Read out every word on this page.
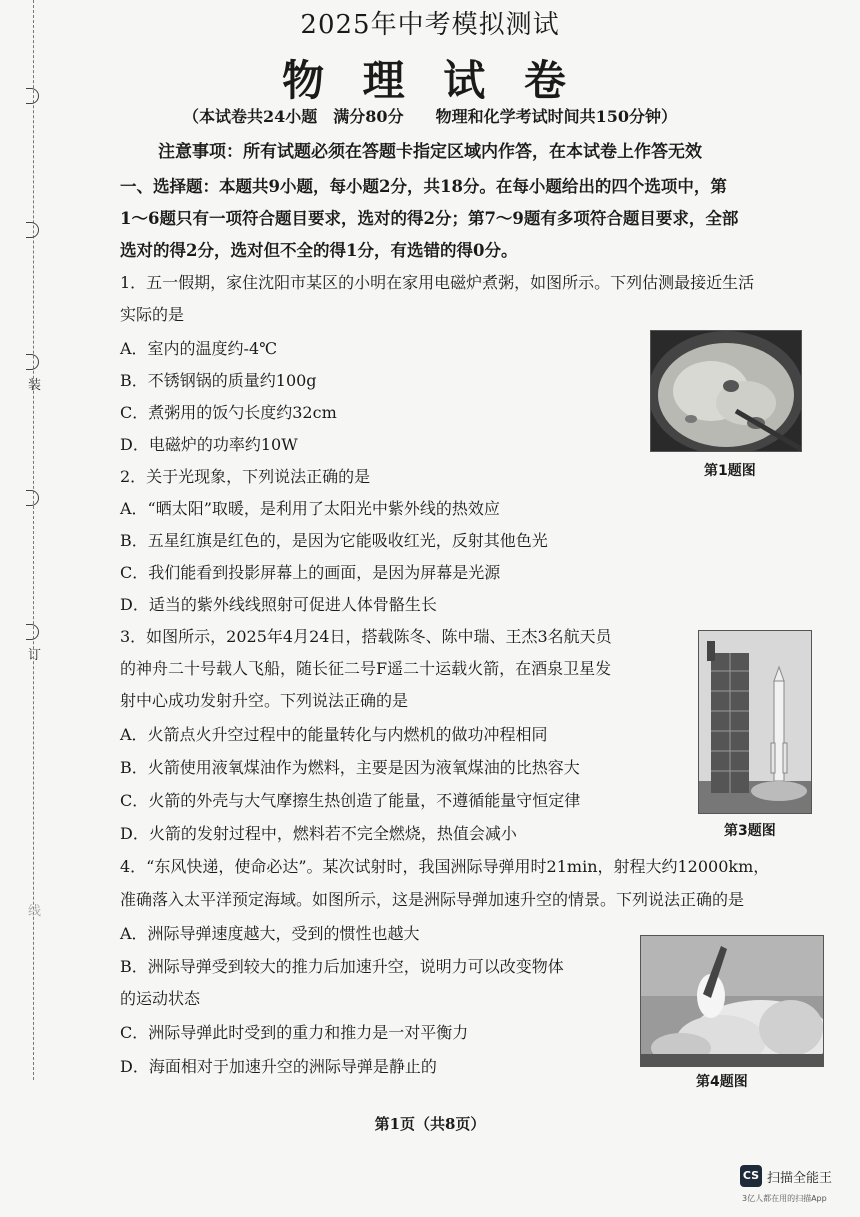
装
订
线
2025年中考模拟测试
物 理 试 卷
（本试卷共24小题　满分80分　　物理和化学考试时间共150分钟）
注意事项：所有试题必须在答题卡指定区域内作答，在本试卷上作答无效
一、选择题：本题共9小题，每小题2分，共18分。在每小题给出的四个选项中，第
1～6题只有一项符合题目要求，选对的得2分；第7～9题有多项符合题目要求，全部
选对的得2分，选对但不全的得1分，有选错的得0分。
1．五一假期，家住沈阳市某区的小明在家用电磁炉煮粥，如图所示。下列估测最接近生活
实际的是
A．室内的温度约-4℃
B．不锈钢锅的质量约100g
C．煮粥用的饭勺长度约32cm
D．电磁炉的功率约10W
第1题图
2．关于光现象，下列说法正确的是
A．“晒太阳”取暖，是利用了太阳光中紫外线的热效应
B．五星红旗是红色的，是因为它能吸收红光，反射其他色光
C．我们能看到投影屏幕上的画面，是因为屏幕是光源
D．适当的紫外线线照射可促进人体骨骼生长
3．如图所示，2025年4月24日，搭载陈冬、陈中瑞、王杰3名航天员
的神舟二十号载人飞船，随长征二号F遥二十运载火箭，在酒泉卫星发
射中心成功发射升空。下列说法正确的是
A．火箭点火升空过程中的能量转化与内燃机的做功冲程相同
B．火箭使用液氧煤油作为燃料，主要是因为液氧煤油的比热容大
C．火箭的外壳与大气摩擦生热创造了能量，不遵循能量守恒定律
D．火箭的发射过程中，燃料若不完全燃烧，热值会减小	第3题图
4．“东风快递，使命必达”。某次试射时，我国洲际导弹用时21min，射程大约12000km，
准确落入太平洋预定海域。如图所示，这是洲际导弹加速升空的情景。下列说法正确的是
A．洲际导弹速度越大，受到的惯性也越大
B．洲际导弹受到较大的推力后加速升空，说明力可以改变物体
的运动状态
C．洲际导弹此时受到的重力和推力是一对平衡力
D．海面相对于加速升空的洲际导弹是静止的
第4题图
第1页（共8页）
CS 扫描全能王
3亿人都在用的扫描App
